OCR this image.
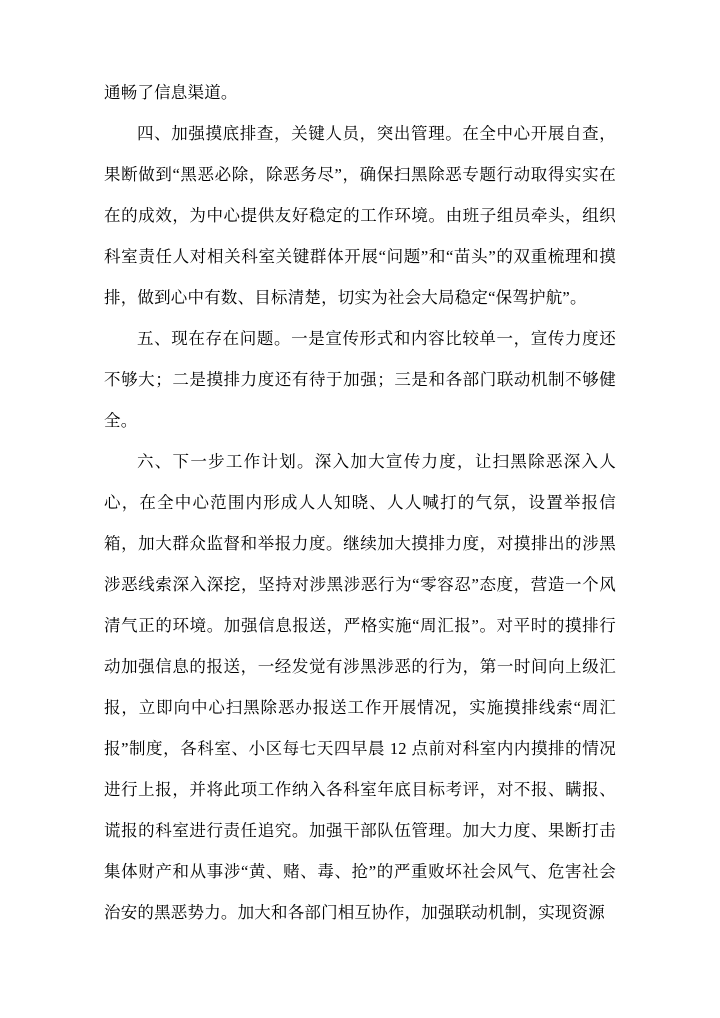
通畅了信息渠道。

四、加强摸底排查，关键人员，突出管理。在全中心开展自查，果断做到“黑恶必除，除恶务尽”，确保扫黑除恶专题行动取得实实在在的成效，为中心提供友好稳定的工作环境。由班子组员牵头，组织科室责任人对相关科室关键群体开展“问题”和“苗头”的双重梳理和摸排，做到心中有数、目标清楚，切实为社会大局稳定“保驾护航”。

五、现在存在问题。一是宣传形式和内容比较单一，宣传力度还不够大；二是摸排力度还有待于加强；三是和各部门联动机制不够健全。

六、下一步工作计划。深入加大宣传力度，让扫黑除恶深入人心，在全中心范围内形成人人知晓、人人喊打的气氛，设置举报信箱，加大群众监督和举报力度。继续加大摸排力度，对摸排出的涉黑涉恶线索深入深挖，坚持对涉黑涉恶行为“零容忍”态度，营造一个风清气正的环境。加强信息报送，严格实施“周汇报”。对平时的摸排行动加强信息的报送，一经发觉有涉黑涉恶的行为，第一时间向上级汇报，立即向中心扫黑除恶办报送工作开展情况，实施摸排线索“周汇报”制度，各科室、小区每七天四早晨 12 点前对科室内内摸排的情况进行上报，并将此项工作纳入各科室年底目标考评，对不报、瞒报、谎报的科室进行责任追究。加强干部队伍管理。加大力度、果断打击集体财产和从事涉“黄、赌、毒、抢”的严重败坏社会风气、危害社会治安的黑恶势力。加大和各部门相互协作，加强联动机制，实现资源
